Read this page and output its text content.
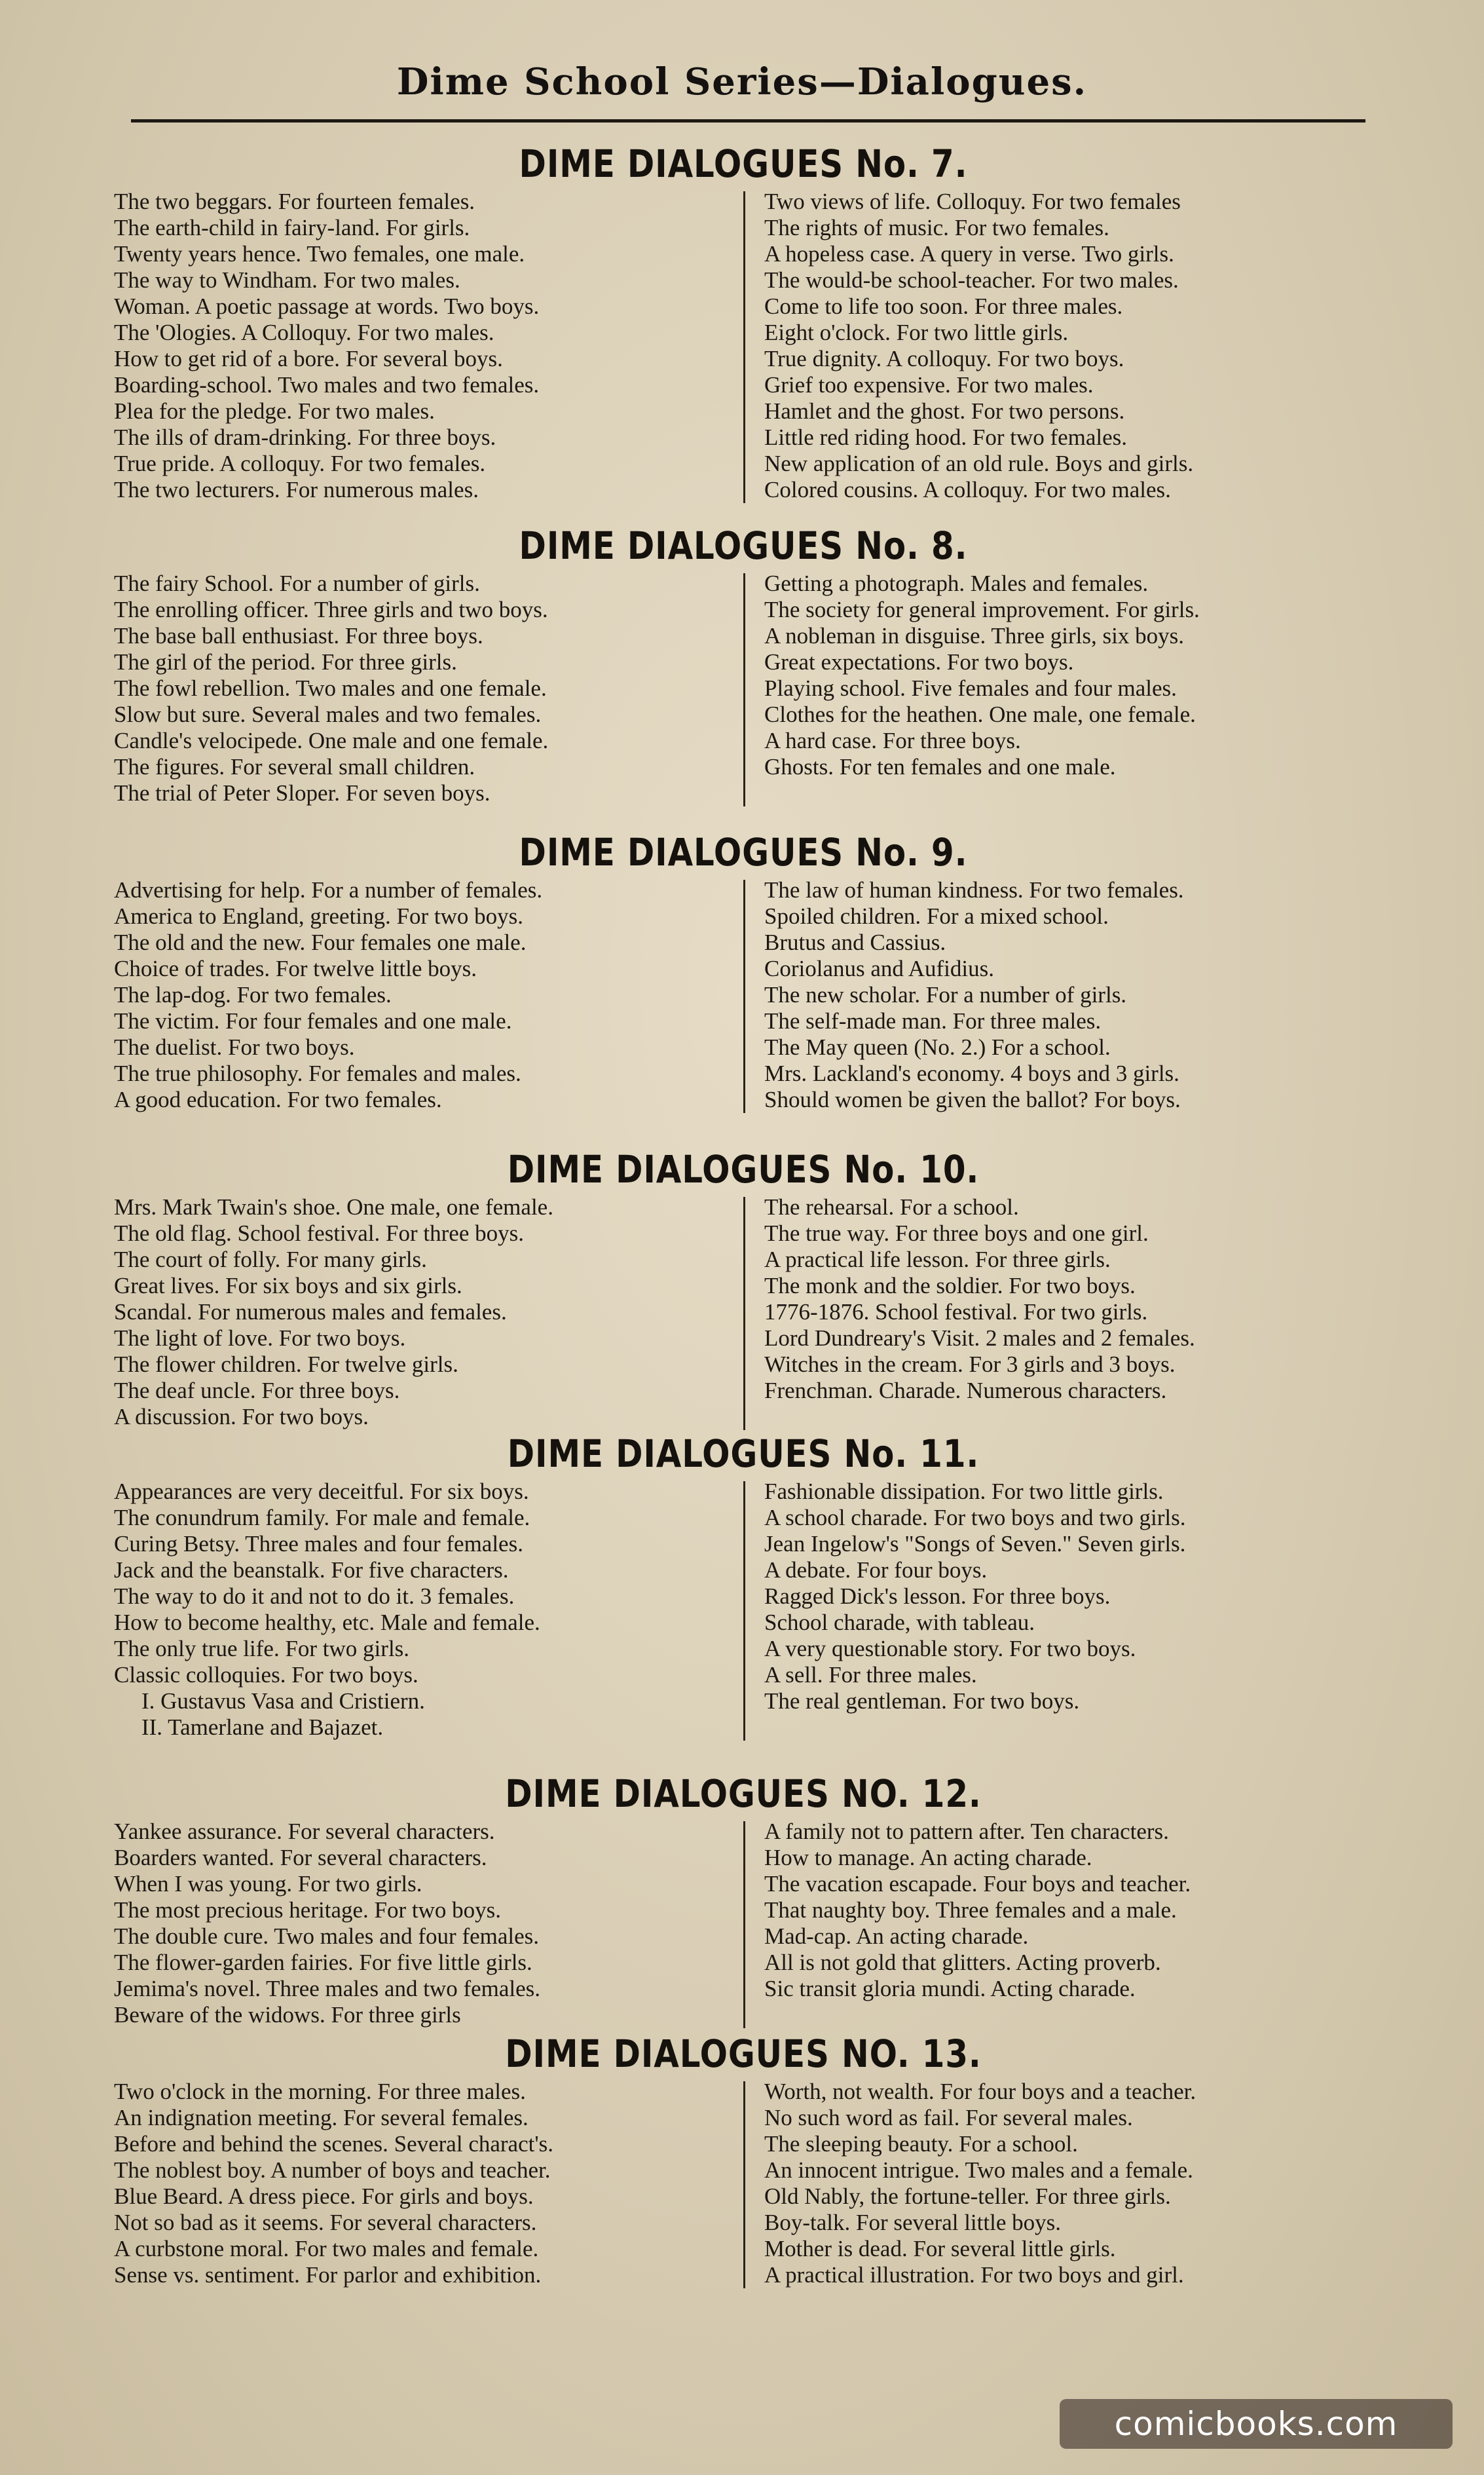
Dime School Series—Dialogues.
DIME DIALOGUES No. 7.
The two beggars. For fourteen females.
The earth-child in fairy-land. For girls.
Twenty years hence. Two females, one male.
The way to Windham. For two males.
Woman. A poetic passage at words. Two boys.
The 'Ologies. A Colloquy. For two males.
How to get rid of a bore. For several boys.
Boarding-school. Two males and two females.
Plea for the pledge. For two males.
The ills of dram-drinking. For three boys.
True pride. A colloquy. For two females.
The two lecturers. For numerous males.
Two views of life. Colloquy. For two females
The rights of music. For two females.
A hopeless case. A query in verse. Two girls.
The would-be school-teacher. For two males.
Come to life too soon. For three males.
Eight o'clock. For two little girls.
True dignity. A colloquy. For two boys.
Grief too expensive. For two males.
Hamlet and the ghost. For two persons.
Little red riding hood. For two females.
New application of an old rule. Boys and girls.
Colored cousins. A colloquy. For two males.
DIME DIALOGUES No. 8.
The fairy School. For a number of girls.
The enrolling officer. Three girls and two boys.
The base ball enthusiast. For three boys.
The girl of the period. For three girls.
The fowl rebellion. Two males and one female.
Slow but sure. Several males and two females.
Candle's velocipede. One male and one female.
The figures. For several small children.
The trial of Peter Sloper. For seven boys.
Getting a photograph. Males and females.
The society for general improvement. For girls.
A nobleman in disguise. Three girls, six boys.
Great expectations. For two boys.
Playing school. Five females and four males.
Clothes for the heathen. One male, one female.
A hard case. For three boys.
Ghosts. For ten females and one male.
DIME DIALOGUES No. 9.
Advertising for help. For a number of females.
America to England, greeting. For two boys.
The old and the new. Four females one male.
Choice of trades. For twelve little boys.
The lap-dog. For two females.
The victim. For four females and one male.
The duelist. For two boys.
The true philosophy. For females and males.
A good education. For two females.
The law of human kindness. For two females.
Spoiled children. For a mixed school.
Brutus and Cassius.
Coriolanus and Aufidius.
The new scholar. For a number of girls.
The self-made man. For three males.
The May queen (No. 2.) For a school.
Mrs. Lackland's economy. 4 boys and 3 girls.
Should women be given the ballot? For boys.
DIME DIALOGUES No. 10.
Mrs. Mark Twain's shoe. One male, one female.
The old flag. School festival. For three boys.
The court of folly. For many girls.
Great lives. For six boys and six girls.
Scandal. For numerous males and females.
The light of love. For two boys.
The flower children. For twelve girls.
The deaf uncle. For three boys.
A discussion. For two boys.
The rehearsal. For a school.
The true way. For three boys and one girl.
A practical life lesson. For three girls.
The monk and the soldier. For two boys.
1776-1876. School festival. For two girls.
Lord Dundreary's Visit. 2 males and 2 females.
Witches in the cream. For 3 girls and 3 boys.
Frenchman. Charade. Numerous characters.
DIME DIALOGUES No. 11.
Appearances are very deceitful. For six boys.
The conundrum family. For male and female.
Curing Betsy. Three males and four females.
Jack and the beanstalk. For five characters.
The way to do it and not to do it. 3 females.
How to become healthy, etc. Male and female.
The only true life. For two girls.
Classic colloquies. For two boys.
I. Gustavus Vasa and Cristiern.
II. Tamerlane and Bajazet.
Fashionable dissipation. For two little girls.
A school charade. For two boys and two girls.
Jean Ingelow's "Songs of Seven." Seven girls.
A debate. For four boys.
Ragged Dick's lesson. For three boys.
School charade, with tableau.
A very questionable story. For two boys.
A sell. For three males.
The real gentleman. For two boys.
DIME DIALOGUES NO. 12.
Yankee assurance. For several characters.
Boarders wanted. For several characters.
When I was young. For two girls.
The most precious heritage. For two boys.
The double cure. Two males and four females.
The flower-garden fairies. For five little girls.
Jemima's novel. Three males and two females.
Beware of the widows. For three girls
A family not to pattern after. Ten characters.
How to manage. An acting charade.
The vacation escapade. Four boys and teacher.
That naughty boy. Three females and a male.
Mad-cap. An acting charade.
All is not gold that glitters. Acting proverb.
Sic transit gloria mundi. Acting charade.
DIME DIALOGUES NO. 13.
Two o'clock in the morning. For three males.
An indignation meeting. For several females.
Before and behind the scenes. Several charact's.
The noblest boy. A number of boys and teacher.
Blue Beard. A dress piece. For girls and boys.
Not so bad as it seems. For several characters.
A curbstone moral. For two males and female.
Sense vs. sentiment. For parlor and exhibition.
Worth, not wealth. For four boys and a teacher.
No such word as fail. For several males.
The sleeping beauty. For a school.
An innocent intrigue. Two males and a female.
Old Nably, the fortune-teller. For three girls.
Boy-talk. For several little boys.
Mother is dead. For several little girls.
A practical illustration. For two boys and girl.
comicbooks.com
